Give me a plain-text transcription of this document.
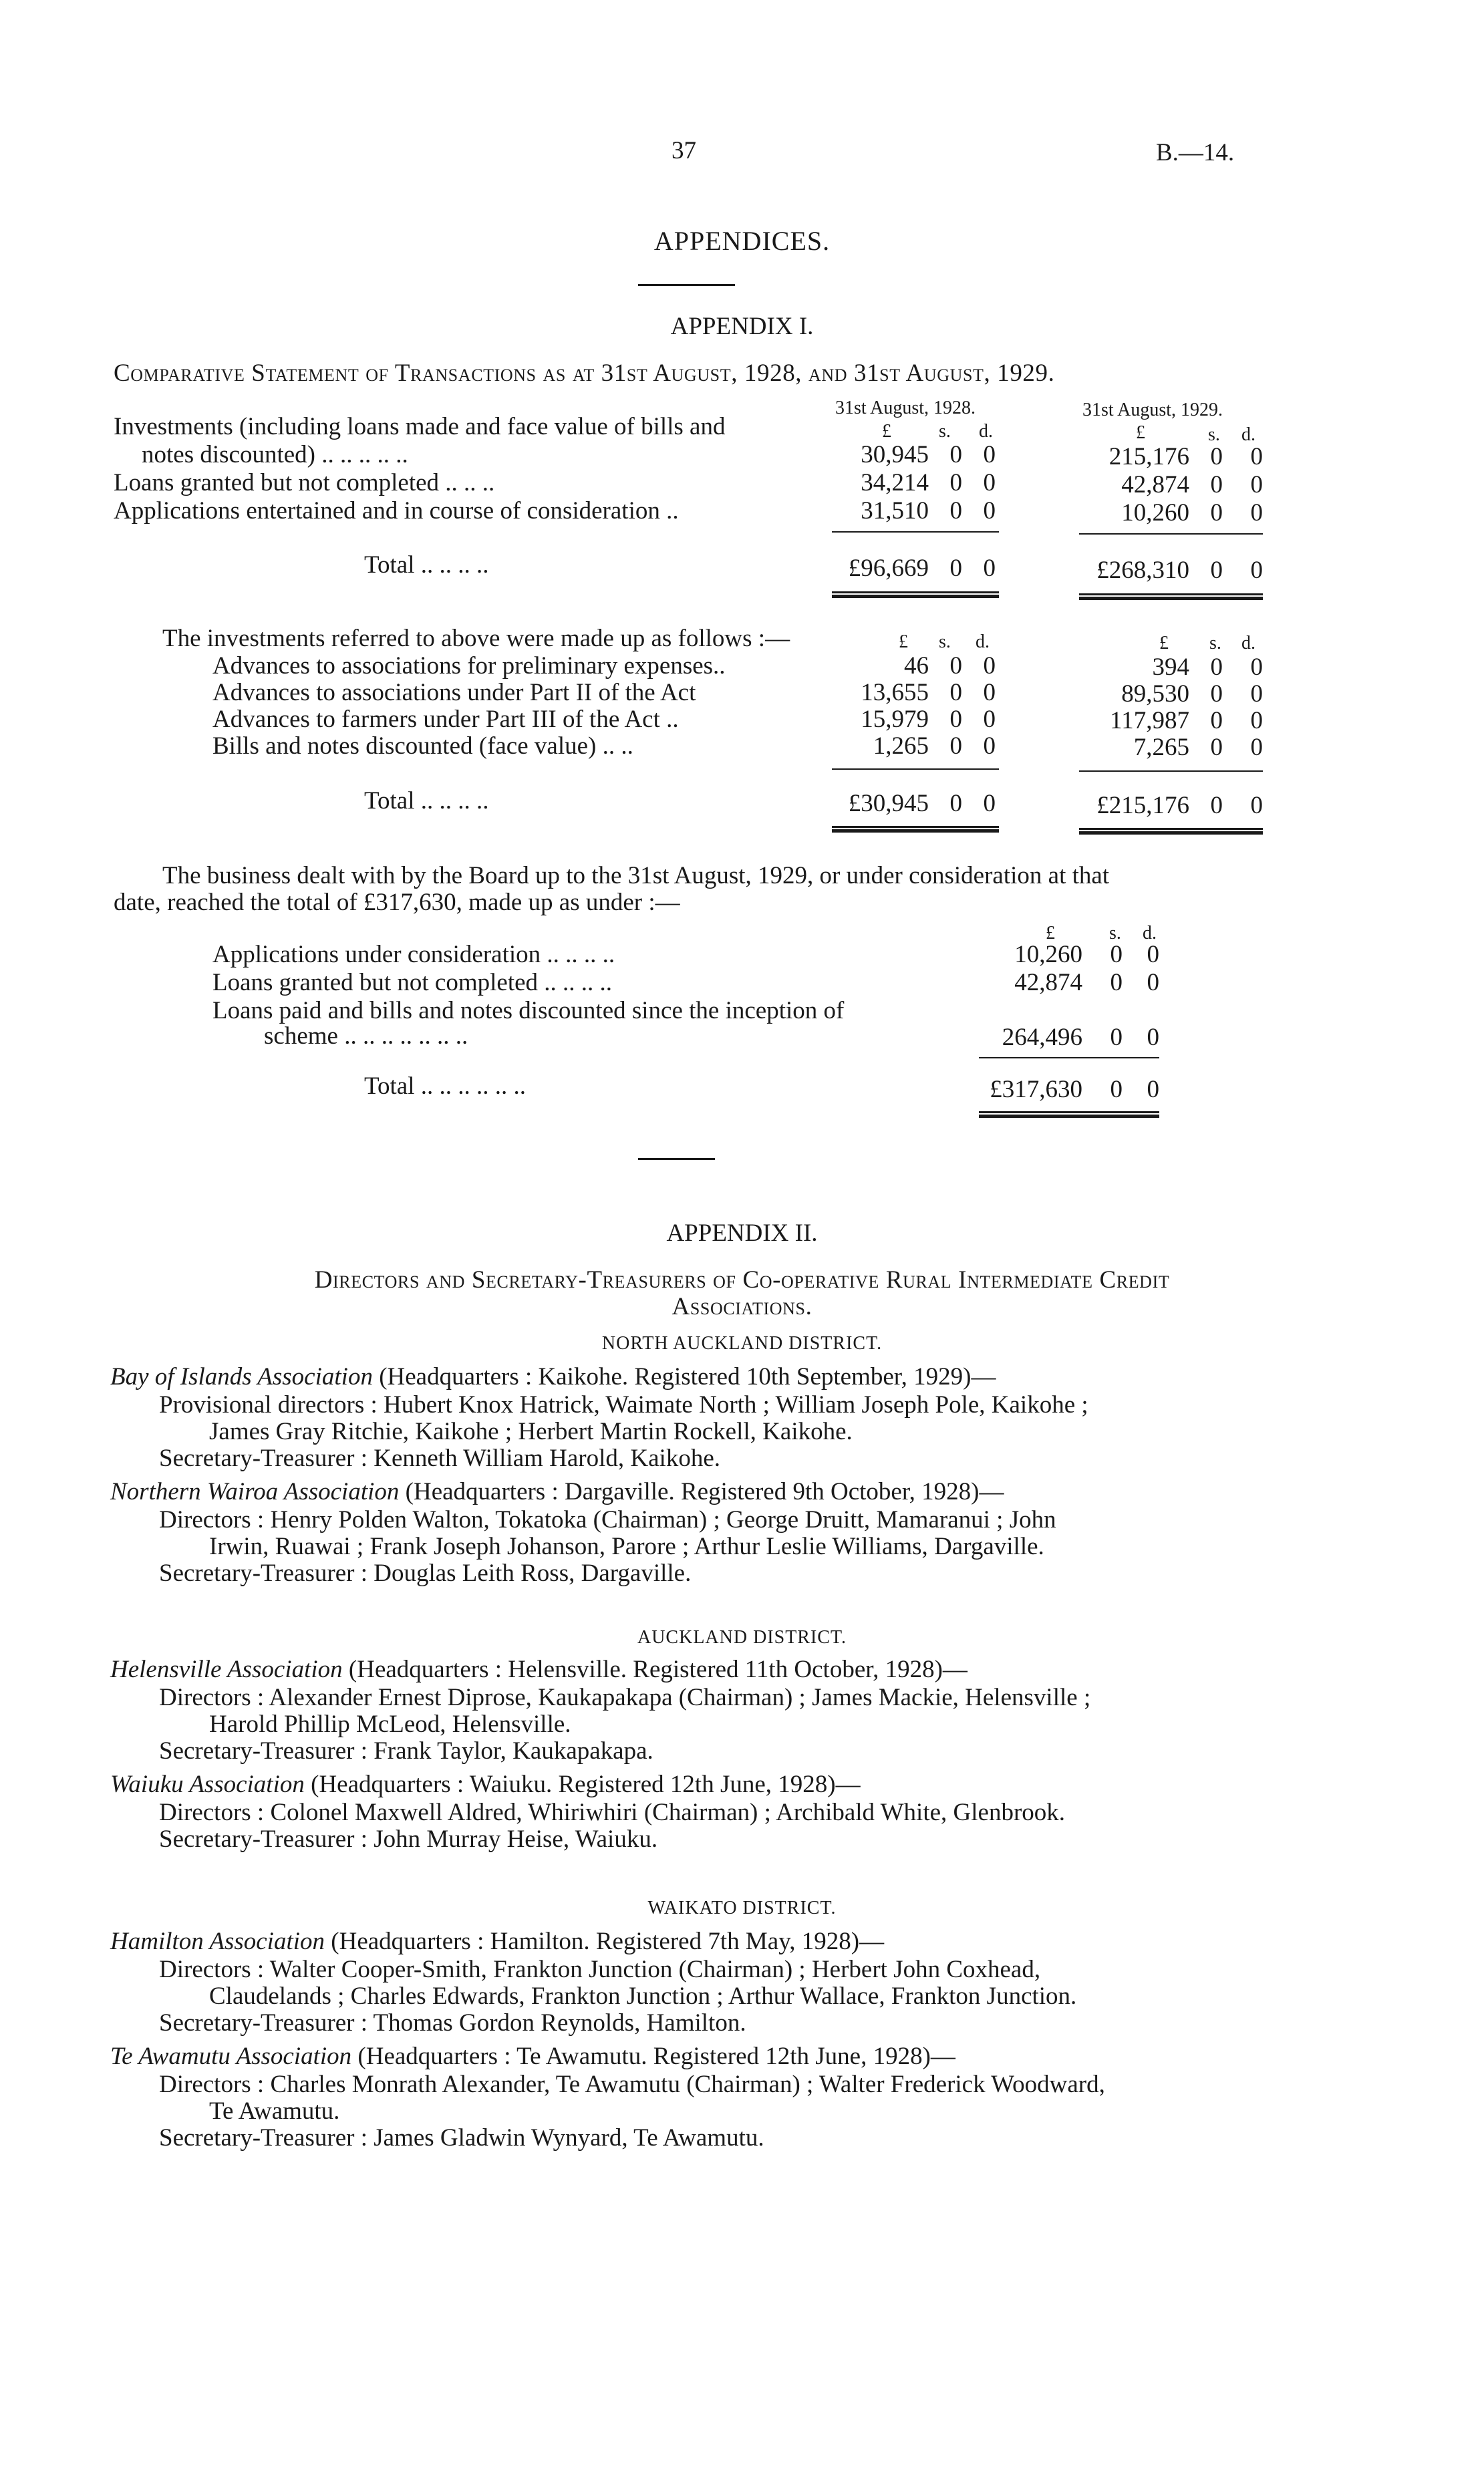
37	B.—14.
APPENDICES.
APPENDIX I.
Comparative Statement of Transactions as at 31st August, 1928, and 31st August, 1929.
31st August, 1928.	31st August, 1929.
£	s. d.	£	s. d.
Investments (including loans made and face value of bills and
notes discounted) .. .. .. .. ..	30,945 0 0	215,176 0	0
Loans granted but not completed .. .. ..	34,214 0 0	42,874 0	0
Applications entertained and in course of consideration ..	31,510 0 0	10,260 0	0
Total .. .. .. ..	£96,669 0 0	£268,310 0	0
The investments referred to above were made up as follows :—	£ s. d.	£ s. d.
Advances to associations for preliminary expenses..	46 0 0	394 0	0
Advances to associations under Part II of the Act	13,655 0 0	89,530 0	0
Advances to farmers under Part III of the Act ..	15,979 0 0	117,987 0	0
Bills and notes discounted (face value) .. ..	1,265 0 0	7,265 0	0
Total .. .. .. ..	£30,945 0 0	£215,176 0	0
The business dealt with by the Board up to the 31st August, 1929, or under consideration at that
date, reached the total of £317,630, made up as under :—
£	s. d.
Applications under consideration .. .. .. ..	10,260	0 0
Loans granted but not completed .. .. .. ..	42,874	0 0
Loans paid and bills and notes discounted since the inception of
scheme .. .. .. .. .. .. ..	264,496	0 0
Total .. .. .. .. .. ..	£317,630	0 0
APPENDIX II.
Directors and Secretary-Treasurers of Co-operative Rural Intermediate Credit
Associations.
NORTH AUCKLAND DISTRICT.
Bay of Islands Association (Headquarters : Kaikohe. Registered 10th September, 1929)—
Provisional directors : Hubert Knox Hatrick, Waimate North ; William Joseph Pole, Kaikohe ;
James Gray Ritchie, Kaikohe ; Herbert Martin Rockell, Kaikohe.
Secretary-Treasurer : Kenneth William Harold, Kaikohe.
Northern Wairoa Association (Headquarters : Dargaville. Registered 9th October, 1928)—
Directors : Henry Polden Walton, Tokatoka (Chairman) ; George Druitt, Mamaranui ; John
Irwin, Ruawai ; Frank Joseph Johanson, Parore ; Arthur Leslie Williams, Dargaville.
Secretary-Treasurer : Douglas Leith Ross, Dargaville.
AUCKLAND DISTRICT.
Helensville Association (Headquarters : Helensville. Registered 11th October, 1928)—
Directors : Alexander Ernest Diprose, Kaukapakapa (Chairman) ; James Mackie, Helensville ;
Harold Phillip McLeod, Helensville.
Secretary-Treasurer : Frank Taylor, Kaukapakapa.
Waiuku Association (Headquarters : Waiuku. Registered 12th June, 1928)—
Directors : Colonel Maxwell Aldred, Whiriwhiri (Chairman) ; Archibald White, Glenbrook.
Secretary-Treasurer : John Murray Heise, Waiuku.
WAIKATO DISTRICT.
Hamilton Association (Headquarters : Hamilton. Registered 7th May, 1928)—
Directors : Walter Cooper-Smith, Frankton Junction (Chairman) ; Herbert John Coxhead,
Claudelands ; Charles Edwards, Frankton Junction ; Arthur Wallace, Frankton Junction.
Secretary-Treasurer : Thomas Gordon Reynolds, Hamilton.
Te Awamutu Association (Headquarters : Te Awamutu. Registered 12th June, 1928)—
Directors : Charles Monrath Alexander, Te Awamutu (Chairman) ; Walter Frederick Woodward,
Te Awamutu.
Secretary-Treasurer : James Gladwin Wynyard, Te Awamutu.
